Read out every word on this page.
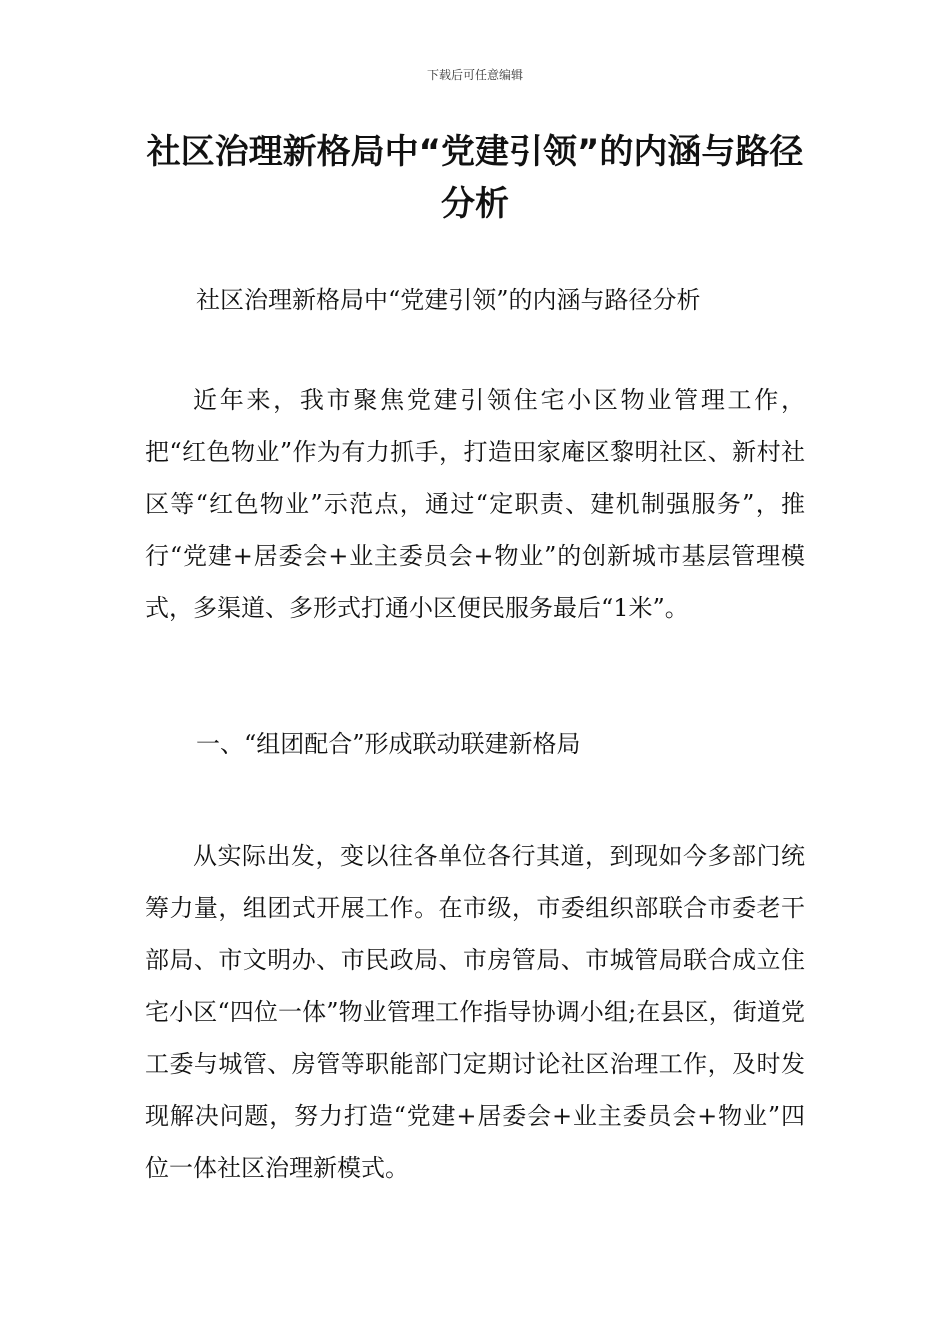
下载后可任意编辑
社区治理新格局中“党建引领”的内涵与路径分析

社区治理新格局中“党建引领”的内涵与路径分析

近年来，我市聚焦党建引领住宅小区物业管理工作，把“红色物业”作为有力抓手，打造田家庵区黎明社区、新村社区等“红色物业”示范点，通过“定职责、建机制强服务”，推行“党建+居委会+业主委员会+物业”的创新城市基层管理模式，多渠道、多形式打通小区便民服务最后“1米”。

一、“组团配合”形成联动联建新格局

从实际出发，变以往各单位各行其道，到现如今多部门统筹力量，组团式开展工作。在市级，市委组织部联合市委老干部局、市文明办、市民政局、市房管局、市城管局联合成立住宅小区“四位一体”物业管理工作指导协调小组;在县区，街道党工委与城管、房管等职能部门定期讨论社区治理工作，及时发现解决问题，努力打造“党建+居委会+业主委员会+物业”四位一体社区治理新模式。
